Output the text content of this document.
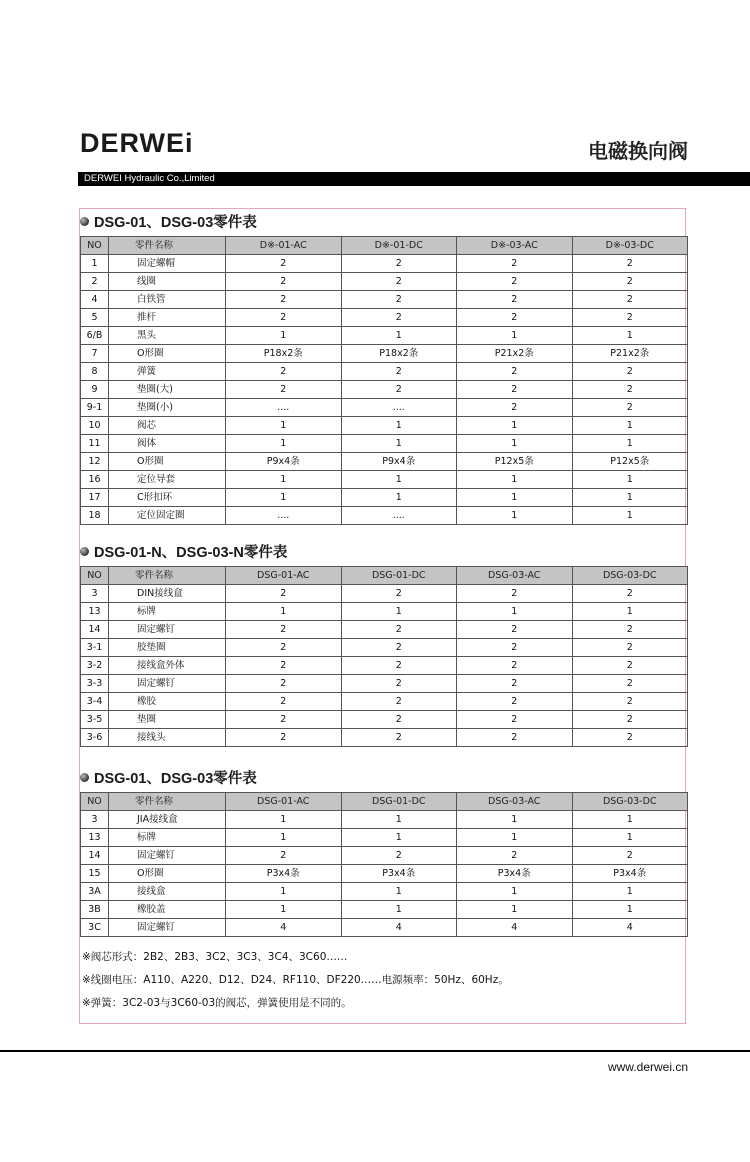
DERWEi	电磁换向阀
DERWEI Hydraulic Co.,Limited
DSG-01、DSG-03零件表
NO	零件名称	D※-01-AC	D※-01-DC	D※-03-AC	D※-03-DC
1	固定螺帽	2	2	2	2
2	线圈	2	2	2	2
4	白铁管	2	2	2	2
5	推杆	2	2	2	2
6/B	黑头	1	1	1	1
7	O形圈	P18x2条	P18x2条	P21x2条	P21x2条
8	弹簧	2	2	2	2
9	垫圈(大)	2	2	2	2
9-1	垫圈(小)	....	....	2	2
10	阀芯	1	1	1	1
11	阀体	1	1	1	1
12	O形圈	P9x4条	P9x4条	P12x5条	P12x5条
16	定位导套	1	1	1	1
17	C形扣环	1	1	1	1
18	定位固定圈	....	....	1	1
DSG-01-N、DSG-03-N零件表
NO	零件名称	DSG-01-AC	DSG-01-DC	DSG-03-AC	DSG-03-DC
3	DIN接线盒	2	2	2	2
13	标牌	1	1	1	1
14	固定螺钉	2	2	2	2
3-1	胶垫圈	2	2	2	2
3-2	接线盒外体	2	2	2	2
3-3	固定螺钉	2	2	2	2
3-4	橡胶	2	2	2	2
3-5	垫圈	2	2	2	2
3-6	接线头	2	2	2	2
DSG-01、DSG-03零件表
NO	零件名称	DSG-01-AC	DSG-01-DC	DSG-03-AC	DSG-03-DC
3	JIA接线盒	1	1	1	1
13	标牌	1	1	1	1
14	固定螺钉	2	2	2	2
15	O形圈	P3x4条	P3x4条	P3x4条	P3x4条
3A	接线盒	1	1	1	1
3B	橡胶盖	1	1	1	1
3C	固定螺钉	4	4	4	4
※阀芯形式：2B2、2B3、3C2、3C3、3C4、3C60……
※线圈电压：A110、A220、D12、D24、RF110、DF220……电源频率：50Hz、60Hz。
※弹簧：3C2-03与3C60-03的阀芯，弹簧使用是不同的。
www.derwei.cn
